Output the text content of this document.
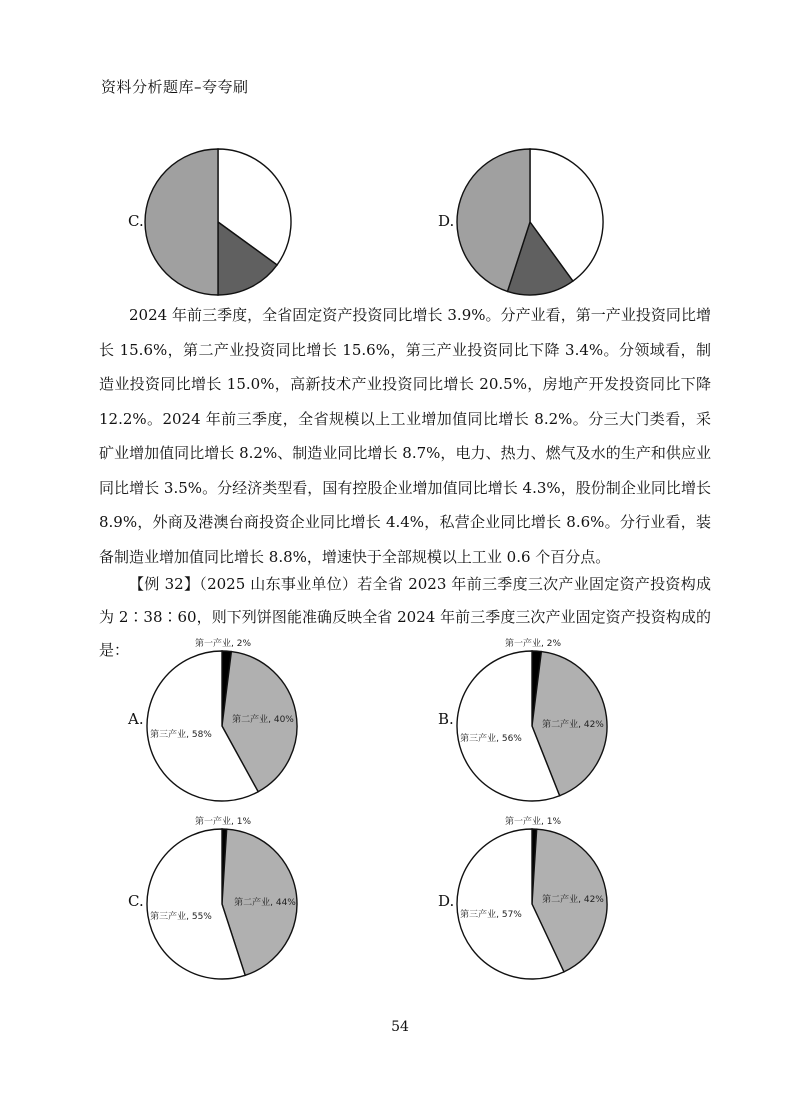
资料分析题库–夸夸刷
C.	D.

2024 年前三季度，全省固定资产投资同比增长 3.9%。分产业看，第一产业投资同比增长 15.6%，第二产业投资同比增长 15.6%，第三产业投资同比下降 3.4%。分领域看，制造业投资同比增长 15.0%，高新技术产业投资同比增长 20.5%，房地产开发投资同比下降 12.2%。2024 年前三季度，全省规模以上工业增加值同比增长 8.2%。分三大门类看，采矿业增加值同比增长 8.2%、制造业同比增长 8.7%，电力、热力、燃气及水的生产和供应业同比增长 3.5%。分经济类型看，国有控股企业增加值同比增长 4.3%，股份制企业同比增长 8.9%，外商及港澳台商投资企业同比增长 4.4%，私营企业同比增长 8.6%。分行业看，装备制造业增加值同比增长 8.8%，增速快于全部规模以上工业 0.6 个百分点。

【例 32】（2025 山东事业单位）若全省 2023 年前三季度三次产业固定资产投资构成为 2∶38∶60，则下列饼图能准确反映全省 2024 年前三季度三次产业固定资产投资构成的是：

A.
第一产业, 2%
第二产业, 40%
第三产业, 58%
B.
第一产业, 2%
第二产业, 42%
第三产业, 56%
C.
第一产业, 1%
第二产业, 44%
第三产业, 55%
D.
第一产业, 1%
第二产业, 42%
第三产业, 57%
54
